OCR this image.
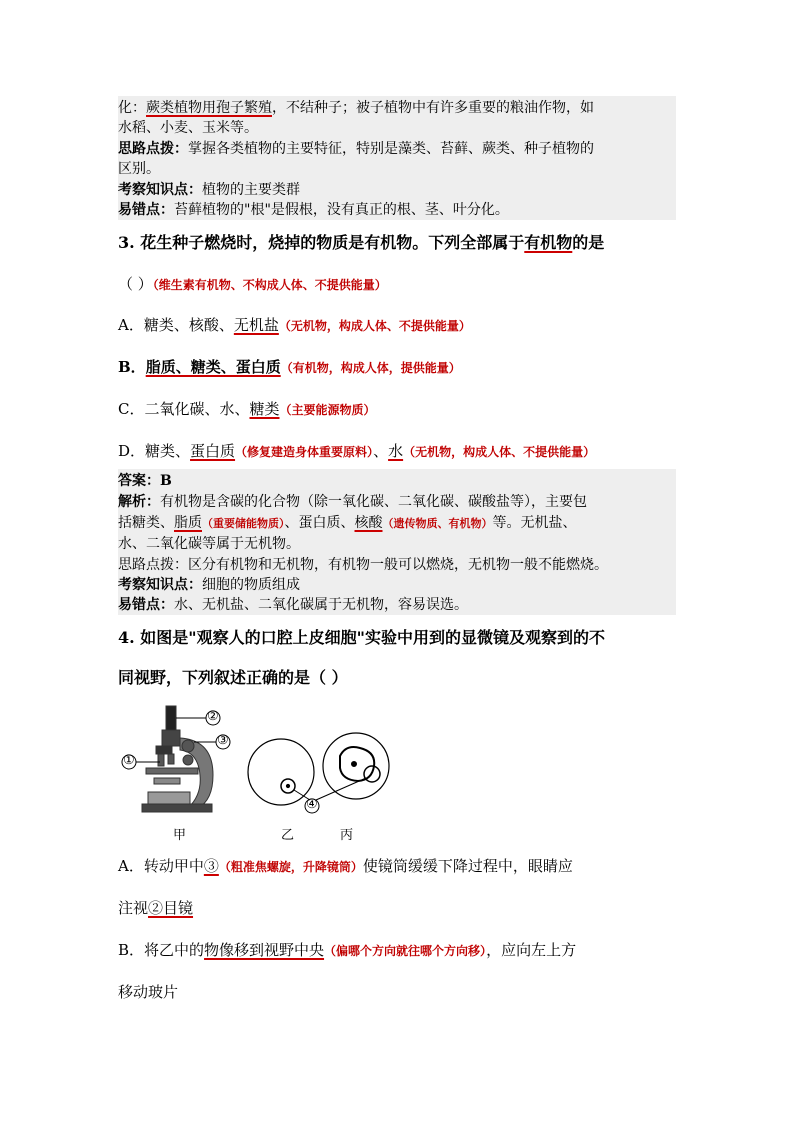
化：蕨类植物用孢子繁殖，不结种子；被子植物中有许多重要的粮油作物，如
水稻、小麦、玉米等。
思路点拨：掌握各类植物的主要特征，特别是藻类、苔藓、蕨类、种子植物的
区别。
考察知识点：植物的主要类群
易错点：苔藓植物的"根"是假根，没有真正的根、茎、叶分化。
3. 花生种子燃烧时，烧掉的物质是有机物。下列全部属于有机物的是
（ ）（维生素有机物、不构成人体、不提供能量）
A．糖类、核酸、无机盐（无机物，构成人体、不提供能量）
B．脂质、糖类、蛋白质（有机物，构成人体，提供能量）
C．二氧化碳、水、糖类（主要能源物质）
D．糖类、蛋白质（修复建造身体重要原料）、水（无机物，构成人体、不提供能量）
答案：B
解析：有机物是含碳的化合物（除一氧化碳、二氧化碳、碳酸盐等），主要包
括糖类、脂质（重要储能物质）、蛋白质、核酸（遗传物质、有机物）等。无机盐、
水、二氧化碳等属于无机物。
思路点拨：区分有机物和无机物，有机物一般可以燃烧，无机物一般不能燃烧。
考察知识点：细胞的物质组成
易错点：水、无机盐、二氧化碳属于无机物，容易误选。
4. 如图是"观察人的口腔上皮细胞"实验中用到的显微镜及观察到的不
同视野，下列叙述正确的是（ ）
②
③
①
④
甲	乙	丙
A．转动甲中③（粗准焦螺旋，升降镜筒）使镜筒缓缓下降过程中，眼睛应
注视②目镜
B．将乙中的物像移到视野中央（偏哪个方向就往哪个方向移），应向左上方
移动玻片
